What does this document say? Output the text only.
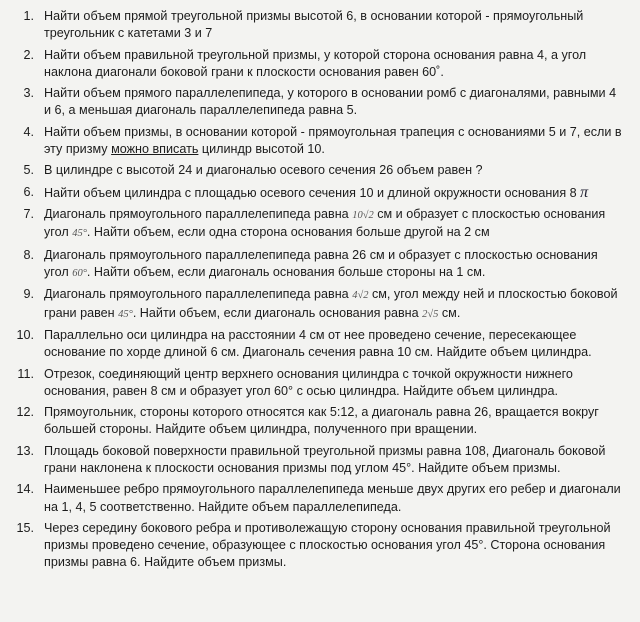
1. Найти объем прямой треугольной призмы высотой 6, в основании которой - прямоугольный треугольник с катетами 3 и 7
2. Найти объем правильной треугольной призмы, у которой сторона основания равна 4, а угол наклона диагонали боковой грани к плоскости основания равен 60˚.
3. Найти объем прямого параллелепипеда, у которого в основании ромб с диагоналями, равными 4 и 6, а меньшая диагональ параллелепипеда равна 5.
4. Найти объем призмы, в основании которой - прямоугольная трапеция с основаниями 5 и 7, если в эту призму можно вписать цилиндр высотой 10.
5. В цилиндре с высотой 24 и диагональю осевого сечения 26 объем равен ?
6. Найти объем цилиндра с площадью осевого сечения 10 и длиной окружности основания 8 π
7. Диагональ прямоугольного параллелепипеда равна 10√2 см и образует с плоскостью основания угол 45°. Найти объем, если одна сторона основания больше другой на 2 см
8. Диагональ прямоугольного параллелепипеда равна 26 см и образует с плоскостью основания угол 60°. Найти объем, если диагональ основания больше стороны на 1 см.
9. Диагональ прямоугольного параллелепипеда равна 4√2 см, угол между ней и плоскостью боковой грани равен 45°. Найти объем, если диагональ основания равна 2√5 см.
10. Параллельно оси цилиндра на расстоянии 4 см от нее проведено сечение, пересекающее основание по хорде длиной 6 см. Диагональ сечения равна 10 см. Найдите объем цилиндра.
11. Отрезок, соединяющий центр верхнего основания цилиндра с точкой окружности нижнего основания, равен 8 см и образует угол 60° с осью цилиндра. Найдите объем цилиндра.
12. Прямоугольник, стороны которого относятся как 5:12, а диагональ равна 26, вращается вокруг большей стороны. Найдите объем цилиндра, полученного при вращении.
13. Площадь боковой поверхности правильной треугольной призмы равна 108, Диагональ боковой грани наклонена к плоскости основания призмы под углом 45°. Найдите объем призмы.
14. Наименьшее ребро прямоугольного параллелепипеда меньше двух других его ребер и диагонали на 1, 4, 5 соответственно. Найдите объем параллелепипеда.
15. Через середину бокового ребра и противолежащую сторону основания правильной треугольной призмы проведено сечение, образующее с плоскостью основания угол 45°. Сторона основания призмы равна 6. Найдите объем призмы.
